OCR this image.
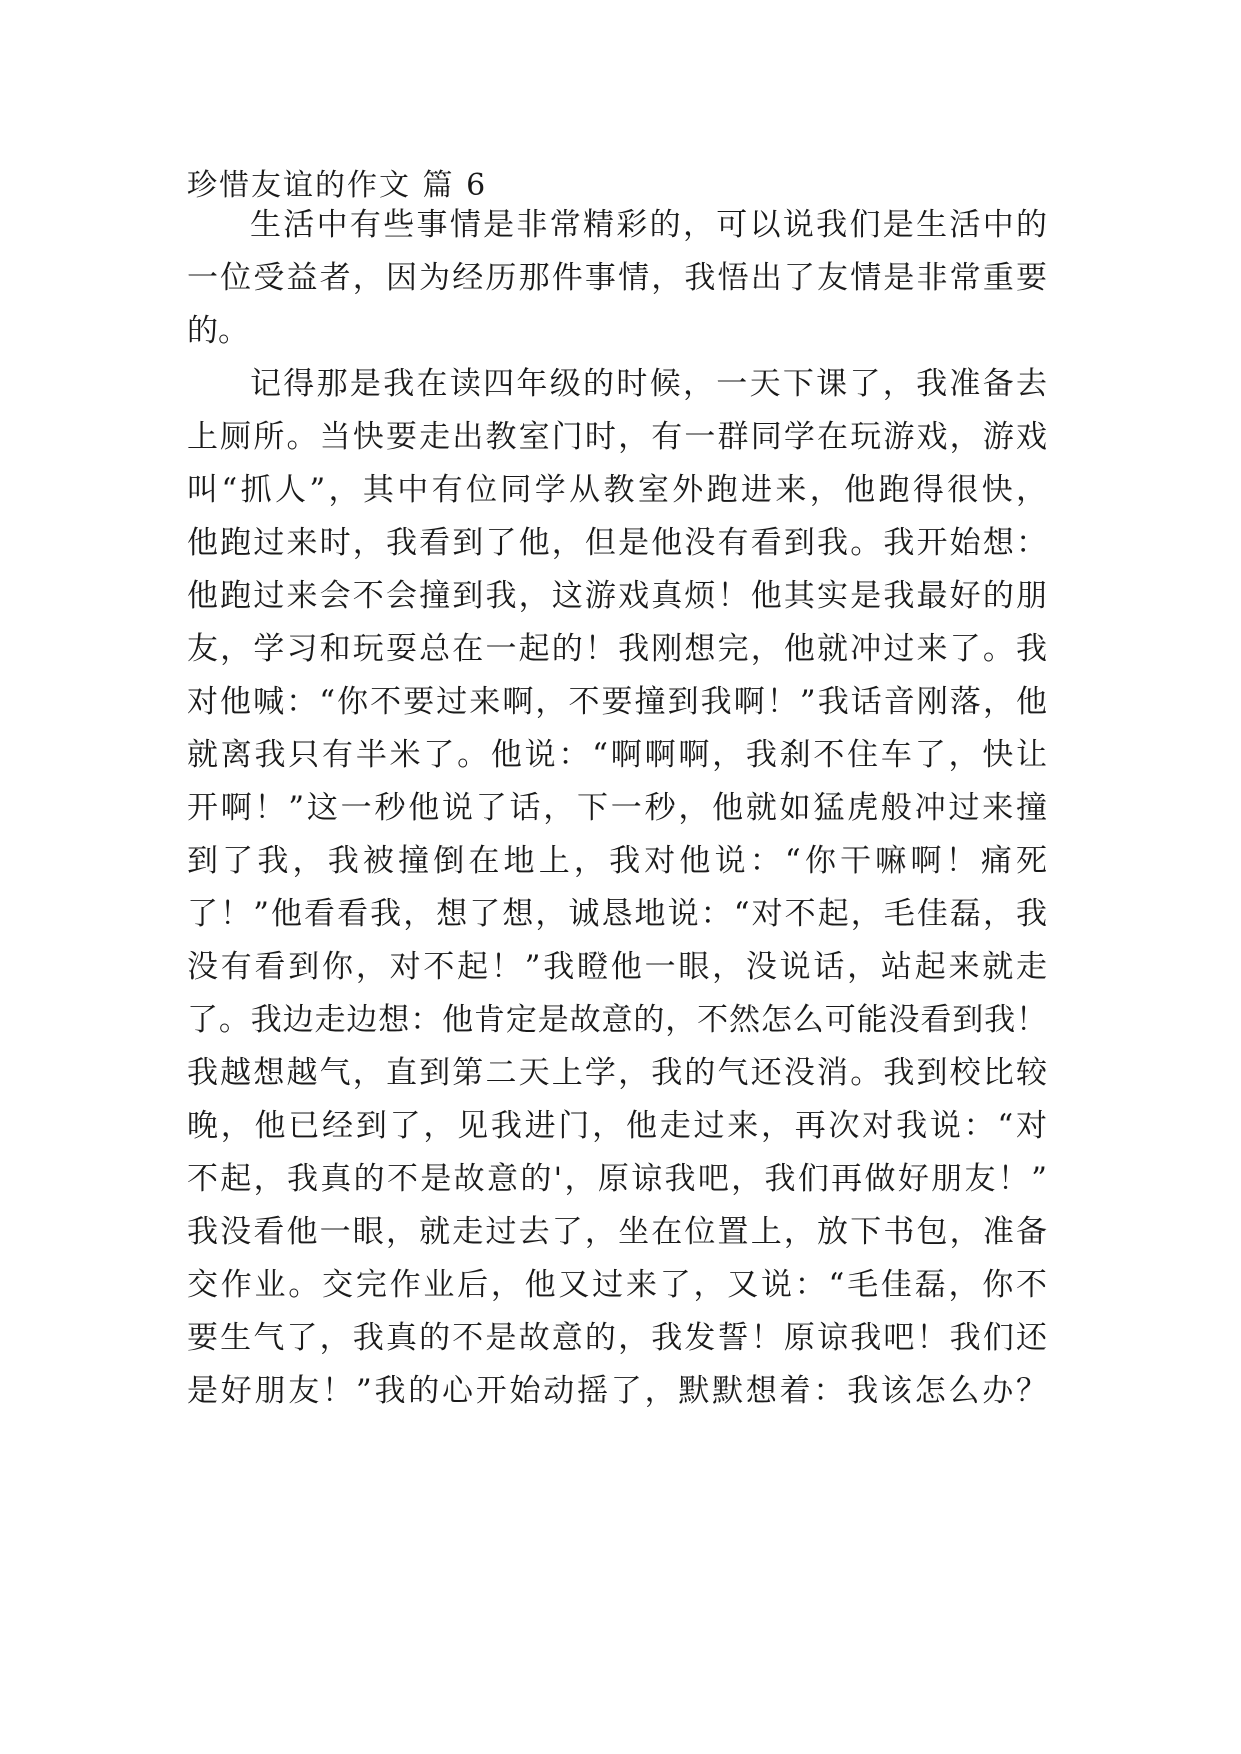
珍惜友谊的作文 篇 6
生活中有些事情是非常精彩的，可以说我们是生活中的
一位受益者，因为经历那件事情，我悟出了友情是非常重要
的。
记得那是我在读四年级的时候，一天下课了，我准备去
上厕所。当快要走出教室门时，有一群同学在玩游戏，游戏
叫“抓人”，其中有位同学从教室外跑进来，他跑得很快，
他跑过来时，我看到了他，但是他没有看到我。我开始想：
他跑过来会不会撞到我，这游戏真烦！他其实是我最好的朋
友，学习和玩耍总在一起的！我刚想完，他就冲过来了。我
对他喊：“你不要过来啊，不要撞到我啊！”我话音刚落，他
就离我只有半米了。他说：“啊啊啊，我刹不住车了，快让
开啊！”这一秒他说了话，下一秒，他就如猛虎般冲过来撞
到了我，我被撞倒在地上，我对他说：“你干嘛啊！痛死
了！”他看看我，想了想，诚恳地说：“对不起，毛佳磊，我
没有看到你，对不起！”我瞪他一眼，没说话，站起来就走
了。我边走边想：他肯定是故意的，不然怎么可能没看到我！
我越想越气，直到第二天上学，我的气还没消。我到校比较
晚，他已经到了，见我进门，他走过来，再次对我说：“对
不起，我真的不是故意的'，原谅我吧，我们再做好朋友！”
我没看他一眼，就走过去了，坐在位置上，放下书包，准备
交作业。交完作业后，他又过来了，又说：“毛佳磊，你不
要生气了，我真的不是故意的，我发誓！原谅我吧！我们还
是好朋友！”我的心开始动摇了，默默想着：我该怎么办？
